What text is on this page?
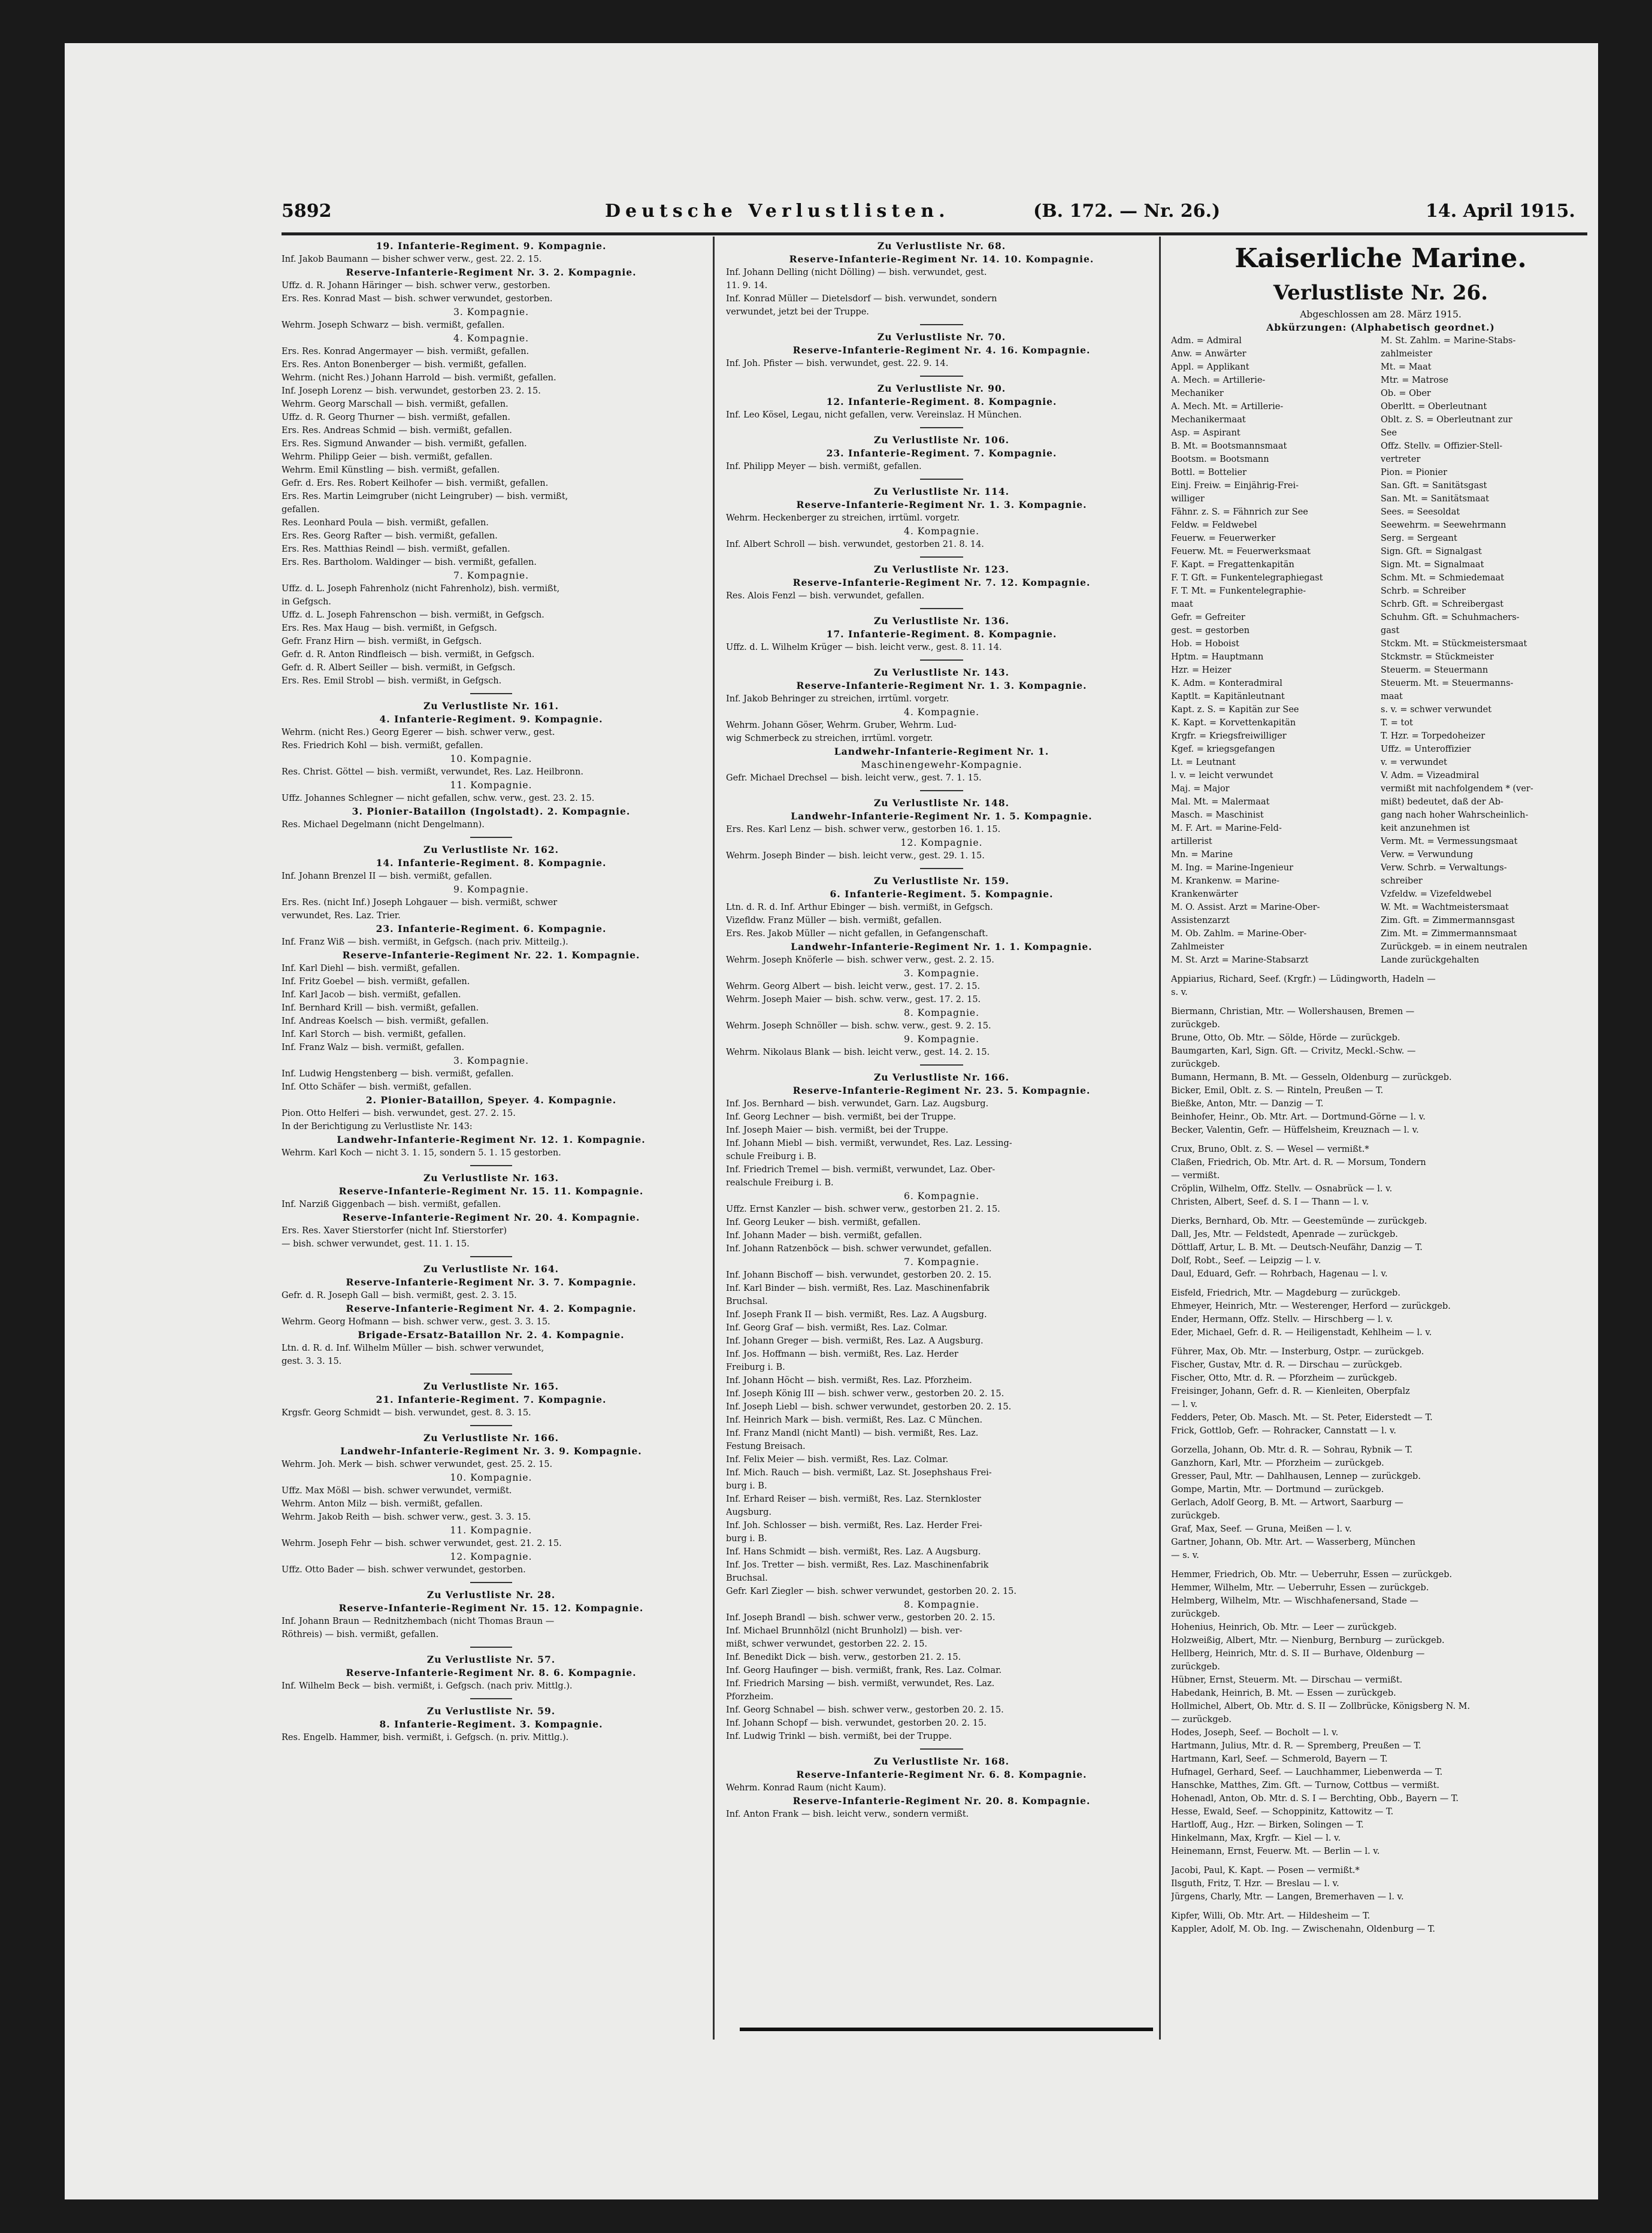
5892	Deutsche Verlustlisten.	(B. 172. — Nr. 26.)	14. April 1915.
19. Infanterie-Regiment. 9. Kompagnie.
Inf. Jakob Baumann — bisher schwer verw., gest. 22. 2. 15.
Reserve-Infanterie-Regiment Nr. 3. 2. Kompagnie.
Uffz. d. R. Johann Häringer — bish. schwer verw., gestorben.
Ers. Res. Konrad Mast — bish. schwer verwundet, gestorben.
3. Kompagnie.
Wehrm. Joseph Schwarz — bish. vermißt, gefallen.
4. Kompagnie.
Ers. Res. Konrad Angermayer — bish. vermißt, gefallen.
Ers. Res. Anton Bonenberger — bish. vermißt, gefallen.
Wehrm. (nicht Res.) Johann Harrold — bish. vermißt, gefallen.
Inf. Joseph Lorenz — bish. verwundet, gestorben 23. 2. 15.
Wehrm. Georg Marschall — bish. vermißt, gefallen.
Uffz. d. R. Georg Thurner — bish. vermißt, gefallen.
Ers. Res. Andreas Schmid — bish. vermißt, gefallen.
Ers. Res. Sigmund Anwander — bish. vermißt, gefallen.
Wehrm. Philipp Geier — bish. vermißt, gefallen.
Wehrm. Emil Künstling — bish. vermißt, gefallen.
Gefr. d. Ers. Res. Robert Keilhofer — bish. vermißt, gefallen.
Ers. Res. Martin Leimgruber (nicht Leingruber) — bish. vermißt,
gefallen.
Res. Leonhard Poula — bish. vermißt, gefallen.
Ers. Res. Georg Rafter — bish. vermißt, gefallen.
Ers. Res. Matthias Reindl — bish. vermißt, gefallen.
Ers. Res. Bartholom. Waldinger — bish. vermißt, gefallen.
7. Kompagnie.
Uffz. d. L. Joseph Fahrenholz (nicht Fahrenholz), bish. vermißt,
in Gefgsch.
Uffz. d. L. Joseph Fahrenschon — bish. vermißt, in Gefgsch.
Ers. Res. Max Haug — bish. vermißt, in Gefgsch.
Gefr. Franz Hirn — bish. vermißt, in Gefgsch.
Gefr. d. R. Anton Rindfleisch — bish. vermißt, in Gefgsch.
Gefr. d. R. Albert Seiller — bish. vermißt, in Gefgsch.
Ers. Res. Emil Strobl — bish. vermißt, in Gefgsch.
Zu Verlustliste Nr. 161.
4. Infanterie-Regiment. 9. Kompagnie.
Wehrm. (nicht Res.) Georg Egerer — bish. schwer verw., gest.
Res. Friedrich Kohl — bish. vermißt, gefallen.
10. Kompagnie.
Res. Christ. Göttel — bish. vermißt, verwundet, Res. Laz. Heilbronn.
11. Kompagnie.
Uffz. Johannes Schlegner — nicht gefallen, schw. verw., gest. 23. 2. 15.
3. Pionier-Bataillon (Ingolstadt). 2. Kompagnie.
Res. Michael Degelmann (nicht Dengelmann).
Zu Verlustliste Nr. 162.
14. Infanterie-Regiment. 8. Kompagnie.
Inf. Johann Brenzel II — bish. vermißt, gefallen.
9. Kompagnie.
Ers. Res. (nicht Inf.) Joseph Lohgauer — bish. vermißt, schwer
verwundet, Res. Laz. Trier.
23. Infanterie-Regiment. 6. Kompagnie.
Inf. Franz Wiß — bish. vermißt, in Gefgsch. (nach priv. Mitteilg.).
Reserve-Infanterie-Regiment Nr. 22. 1. Kompagnie.
Inf. Karl Diehl — bish. vermißt, gefallen.
Inf. Fritz Goebel — bish. vermißt, gefallen.
Inf. Karl Jacob — bish. vermißt, gefallen.
Inf. Bernhard Krill — bish. vermißt, gefallen.
Inf. Andreas Koelsch — bish. vermißt, gefallen.
Inf. Karl Storch — bish. vermißt, gefallen.
Inf. Franz Walz — bish. vermißt, gefallen.
3. Kompagnie.
Inf. Ludwig Hengstenberg — bish. vermißt, gefallen.
Inf. Otto Schäfer — bish. vermißt, gefallen.
2. Pionier-Bataillon, Speyer. 4. Kompagnie.
Pion. Otto Helferi — bish. verwundet, gest. 27. 2. 15.
In der Berichtigung zu Verlustliste Nr. 143:
Landwehr-Infanterie-Regiment Nr. 12. 1. Kompagnie.
Wehrm. Karl Koch — nicht 3. 1. 15, sondern 5. 1. 15 gestorben.
Zu Verlustliste Nr. 163.
Reserve-Infanterie-Regiment Nr. 15. 11. Kompagnie.
Inf. Narziß Giggenbach — bish. vermißt, gefallen.
Reserve-Infanterie-Regiment Nr. 20. 4. Kompagnie.
Ers. Res. Xaver Stierstorfer (nicht Inf. Stierstorfer)
— bish. schwer verwundet, gest. 11. 1. 15.
Zu Verlustliste Nr. 164.
Reserve-Infanterie-Regiment Nr. 3. 7. Kompagnie.
Gefr. d. R. Joseph Gall — bish. vermißt, gest. 2. 3. 15.
Reserve-Infanterie-Regiment Nr. 4. 2. Kompagnie.
Wehrm. Georg Hofmann — bish. schwer verw., gest. 3. 3. 15.
Brigade-Ersatz-Bataillon Nr. 2. 4. Kompagnie.
Ltn. d. R. d. Inf. Wilhelm Müller — bish. schwer verwundet,
gest. 3. 3. 15.
Zu Verlustliste Nr. 165.
21. Infanterie-Regiment. 7. Kompagnie.
Krgsfr. Georg Schmidt — bish. verwundet, gest. 8. 3. 15.
Zu Verlustliste Nr. 166.
Landwehr-Infanterie-Regiment Nr. 3. 9. Kompagnie.
Wehrm. Joh. Merk — bish. schwer verwundet, gest. 25. 2. 15.
10. Kompagnie.
Uffz. Max Mößl — bish. schwer verwundet, vermißt.
Wehrm. Anton Milz — bish. vermißt, gefallen.
Wehrm. Jakob Reith — bish. schwer verw., gest. 3. 3. 15.
11. Kompagnie.
Wehrm. Joseph Fehr — bish. schwer verwundet, gest. 21. 2. 15.
12. Kompagnie.
Uffz. Otto Bader — bish. schwer verwundet, gestorben.
Zu Verlustliste Nr. 28.
Reserve-Infanterie-Regiment Nr. 15. 12. Kompagnie.
Inf. Johann Braun — Rednitzhembach (nicht Thomas Braun —
Röthreis) — bish. vermißt, gefallen.
Zu Verlustliste Nr. 57.
Reserve-Infanterie-Regiment Nr. 8. 6. Kompagnie.
Inf. Wilhelm Beck — bish. vermißt, i. Gefgsch. (nach priv. Mittlg.).
Zu Verlustliste Nr. 59.
8. Infanterie-Regiment. 3. Kompagnie.
Res. Engelb. Hammer, bish. vermißt, i. Gefgsch. (n. priv. Mittlg.).
Zu Verlustliste Nr. 68.
Reserve-Infanterie-Regiment Nr. 14. 10. Kompagnie.
Inf. Johann Delling (nicht Dölling) — bish. verwundet, gest.
11. 9. 14.
Inf. Konrad Müller — Dietelsdorf — bish. verwundet, sondern
verwundet, jetzt bei der Truppe.
Zu Verlustliste Nr. 70.
Reserve-Infanterie-Regiment Nr. 4. 16. Kompagnie.
Inf. Joh. Pfister — bish. verwundet, gest. 22. 9. 14.
Zu Verlustliste Nr. 90.
12. Infanterie-Regiment. 8. Kompagnie.
Inf. Leo Kösel, Legau, nicht gefallen, verw. Vereinslaz. H München.
Zu Verlustliste Nr. 106.
23. Infanterie-Regiment. 7. Kompagnie.
Inf. Philipp Meyer — bish. vermißt, gefallen.
Zu Verlustliste Nr. 114.
Reserve-Infanterie-Regiment Nr. 1. 3. Kompagnie.
Wehrm. Heckenberger zu streichen, irrtüml. vorgetr.
4. Kompagnie.
Inf. Albert Schroll — bish. verwundet, gestorben 21. 8. 14.
Zu Verlustliste Nr. 123.
Reserve-Infanterie-Regiment Nr. 7. 12. Kompagnie.
Res. Alois Fenzl — bish. verwundet, gefallen.
Zu Verlustliste Nr. 136.
17. Infanterie-Regiment. 8. Kompagnie.
Uffz. d. L. Wilhelm Krüger — bish. leicht verw., gest. 8. 11. 14.
Zu Verlustliste Nr. 143.
Reserve-Infanterie-Regiment Nr. 1. 3. Kompagnie.
Inf. Jakob Behringer zu streichen, irrtüml. vorgetr.
4. Kompagnie.
Wehrm. Johann Göser, Wehrm. Gruber, Wehrm. Lud-
wig Schmerbeck zu streichen, irrtüml. vorgetr.
Landwehr-Infanterie-Regiment Nr. 1.
Maschinengewehr-Kompagnie.
Gefr. Michael Drechsel — bish. leicht verw., gest. 7. 1. 15.
Zu Verlustliste Nr. 148.
Landwehr-Infanterie-Regiment Nr. 1. 5. Kompagnie.
Ers. Res. Karl Lenz — bish. schwer verw., gestorben 16. 1. 15.
12. Kompagnie.
Wehrm. Joseph Binder — bish. leicht verw., gest. 29. 1. 15.
Zu Verlustliste Nr. 159.
6. Infanterie-Regiment. 5. Kompagnie.
Ltn. d. R. d. Inf. Arthur Ebinger — bish. vermißt, in Gefgsch.
Vizefldw. Franz Müller — bish. vermißt, gefallen.
Ers. Res. Jakob Müller — nicht gefallen, in Gefangenschaft.
Landwehr-Infanterie-Regiment Nr. 1. 1. Kompagnie.
Wehrm. Joseph Knöferle — bish. schwer verw., gest. 2. 2. 15.
3. Kompagnie.
Wehrm. Georg Albert — bish. leicht verw., gest. 17. 2. 15.
Wehrm. Joseph Maier — bish. schw. verw., gest. 17. 2. 15.
8. Kompagnie.
Wehrm. Joseph Schnöller — bish. schw. verw., gest. 9. 2. 15.
9. Kompagnie.
Wehrm. Nikolaus Blank — bish. leicht verw., gest. 14. 2. 15.
Zu Verlustliste Nr. 166.
Reserve-Infanterie-Regiment Nr. 23. 5. Kompagnie.
Inf. Jos. Bernhard — bish. verwundet, Garn. Laz. Augsburg.
Inf. Georg Lechner — bish. vermißt, bei der Truppe.
Inf. Joseph Maier — bish. vermißt, bei der Truppe.
Inf. Johann Miebl — bish. vermißt, verwundet, Res. Laz. Lessing-
schule Freiburg i. B.
Inf. Friedrich Tremel — bish. vermißt, verwundet, Laz. Ober-
realschule Freiburg i. B.
6. Kompagnie.
Uffz. Ernst Kanzler — bish. schwer verw., gestorben 21. 2. 15.
Inf. Georg Leuker — bish. vermißt, gefallen.
Inf. Johann Mader — bish. vermißt, gefallen.
Inf. Johann Ratzenböck — bish. schwer verwundet, gefallen.
7. Kompagnie.
Inf. Johann Bischoff — bish. verwundet, gestorben 20. 2. 15.
Inf. Karl Binder — bish. vermißt, Res. Laz. Maschinenfabrik
Bruchsal.
Inf. Joseph Frank II — bish. vermißt, Res. Laz. A Augsburg.
Inf. Georg Graf — bish. vermißt, Res. Laz. Colmar.
Inf. Johann Greger — bish. vermißt, Res. Laz. A Augsburg.
Inf. Jos. Hoffmann — bish. vermißt, Res. Laz. Herder
Freiburg i. B.
Inf. Johann Höcht — bish. vermißt, Res. Laz. Pforzheim.
Inf. Joseph König III — bish. schwer verw., gestorben 20. 2. 15.
Inf. Joseph Liebl — bish. schwer verwundet, gestorben 20. 2. 15.
Inf. Heinrich Mark — bish. vermißt, Res. Laz. C München.
Inf. Franz Mandl (nicht Mantl) — bish. vermißt, Res. Laz.
Festung Breisach.
Inf. Felix Meier — bish. vermißt, Res. Laz. Colmar.
Inf. Mich. Rauch — bish. vermißt, Laz. St. Josephshaus Frei-
burg i. B.
Inf. Erhard Reiser — bish. vermißt, Res. Laz. Sternkloster
Augsburg.
Inf. Joh. Schlosser — bish. vermißt, Res. Laz. Herder Frei-
burg i. B.
Inf. Hans Schmidt — bish. vermißt, Res. Laz. A Augsburg.
Inf. Jos. Tretter — bish. vermißt, Res. Laz. Maschinenfabrik
Bruchsal.
Gefr. Karl Ziegler — bish. schwer verwundet, gestorben 20. 2. 15.
8. Kompagnie.
Inf. Joseph Brandl — bish. schwer verw., gestorben 20. 2. 15.
Inf. Michael Brunnhölzl (nicht Brunholzl) — bish. ver-
mißt, schwer verwundet, gestorben 22. 2. 15.
Inf. Benedikt Dick — bish. verw., gestorben 21. 2. 15.
Inf. Georg Haufinger — bish. vermißt, frank, Res. Laz. Colmar.
Inf. Friedrich Marsing — bish. vermißt, verwundet, Res. Laz.
Pforzheim.
Inf. Georg Schnabel — bish. schwer verw., gestorben 20. 2. 15.
Inf. Johann Schopf — bish. verwundet, gestorben 20. 2. 15.
Inf. Ludwig Trinkl — bish. vermißt, bei der Truppe.
Zu Verlustliste Nr. 168.
Reserve-Infanterie-Regiment Nr. 6. 8. Kompagnie.
Wehrm. Konrad Raum (nicht Kaum).
Reserve-Infanterie-Regiment Nr. 20. 8. Kompagnie.
Inf. Anton Frank — bish. leicht verw., sondern vermißt.
Kaiserliche Marine.
Verlustliste Nr. 26.
Abgeschlossen am 28. März 1915.
Abkürzungen: (Alphabetisch geordnet.)
Adm. = Admiral
Anw. = Anwärter
Appl. = Applikant
A. Mech. = Artillerie-
Mechaniker
A. Mech. Mt. = Artillerie-
Mechanikermaat
Asp. = Aspirant
B. Mt. = Bootsmannsmaat
Bootsm. = Bootsmann
Bottl. = Bottelier
Einj. Freiw. = Einjährig-Frei-
williger
Fähnr. z. S. = Fähnrich zur See
Feldw. = Feldwebel
Feuerw. = Feuerwerker
Feuerw. Mt. = Feuerwerksmaat
F. Kapt. = Fregattenkapitän
F. T. Gft. = Funkentelegraphiegast
F. T. Mt. = Funkentelegraphie-
maat
Gefr. = Gefreiter
gest. = gestorben
Hob. = Hoboist
Hptm. = Hauptmann
Hzr. = Heizer
K. Adm. = Konteradmiral
Kaptlt. = Kapitänleutnant
Kapt. z. S. = Kapitän zur See
K. Kapt. = Korvettenkapitän
Krgfr. = Kriegsfreiwilliger
Kgef. = kriegsgefangen
Lt. = Leutnant
l. v. = leicht verwundet
Maj. = Major
Mal. Mt. = Malermaat
Masch. = Maschinist
M. F. Art. = Marine-Feld-
artillerist
Mn. = Marine
M. Ing. = Marine-Ingenieur
M. Krankenw. = Marine-
Krankenwärter
M. O. Assist. Arzt = Marine-Ober-
Assistenzarzt
M. Ob. Zahlm. = Marine-Ober-
Zahlmeister
M. St. Arzt = Marine-Stabsarzt
M. St. Zahlm. = Marine-Stabs-
zahlmeister
Mt. = Maat
Mtr. = Matrose
Ob. = Ober
Oberltt. = Oberleutnant
Oblt. z. S. = Oberleutnant zur
See
Offz. Stellv. = Offizier-Stell-
vertreter
Pion. = Pionier
San. Gft. = Sanitätsgast
San. Mt. = Sanitätsmaat
Sees. = Seesoldat
Seewehrm. = Seewehrmann
Serg. = Sergeant
Sign. Gft. = Signalgast
Sign. Mt. = Signalmaat
Schm. Mt. = Schmiedemaat
Schrb. = Schreiber
Schrb. Gft. = Schreibergast
Schuhm. Gft. = Schuhmachers-
gast
Stckm. Mt. = Stückmeistersmaat
Stckmstr. = Stückmeister
Steuerm. = Steuermann
Steuerm. Mt. = Steuermanns-
maat
s. v. = schwer verwundet
T. = tot
T. Hzr. = Torpedoheizer
Uffz. = Unteroffizier
v. = verwundet
V. Adm. = Vizeadmiral
vermißt mit nachfolgendem * (ver-
mißt) bedeutet, daß der Ab-
gang nach hoher Wahrscheinlich-
keit anzunehmen ist
Verm. Mt. = Vermessungsmaat
Verw. = Verwundung
Verw. Schrb. = Verwaltungs-
schreiber
Vzfeldw. = Vizefeldwebel
W. Mt. = Wachtmeistersmaat
Zim. Gft. = Zimmermannsgast
Zim. Mt. = Zimmermannsmaat
Zurückgeb. = in einem neutralen
Lande zurückgehalten
Appiarius, Richard, Seef. (Krgfr.) — Lüdingworth, Hadeln —
s. v.
Biermann, Christian, Mtr. — Wollershausen, Bremen —
zurückgeb.
Brune, Otto, Ob. Mtr. — Sölde, Hörde — zurückgeb.
Baumgarten, Karl, Sign. Gft. — Crivitz, Meckl.-Schw. —
zurückgeb.
Bumann, Hermann, B. Mt. — Gesseln, Oldenburg — zurückgeb.
Bicker, Emil, Oblt. z. S. — Rinteln, Preußen — T.
Bießke, Anton, Mtr. — Danzig — T.
Beinhofer, Heinr., Ob. Mtr. Art. — Dortmund-Görne — l. v.
Becker, Valentin, Gefr. — Hüffelsheim, Kreuznach — l. v.
Crux, Bruno, Oblt. z. S. — Wesel — vermißt.*
Claßen, Friedrich, Ob. Mtr. Art. d. R. — Morsum, Tondern
— vermißt.
Cröplin, Wilhelm, Offz. Stellv. — Osnabrück — l. v.
Christen, Albert, Seef. d. S. I — Thann — l. v.
Dierks, Bernhard, Ob. Mtr. — Geestemünde — zurückgeb.
Dall, Jes, Mtr. — Feldstedt, Apenrade — zurückgeb.
Döttlaff, Artur, L. B. Mt. — Deutsch-Neufähr, Danzig — T.
Dolf, Robt., Seef. — Leipzig — l. v.
Daul, Eduard, Gefr. — Rohrbach, Hagenau — l. v.
Eisfeld, Friedrich, Mtr. — Magdeburg — zurückgeb.
Ehmeyer, Heinrich, Mtr. — Westerenger, Herford — zurückgeb.
Ender, Hermann, Offz. Stellv. — Hirschberg — l. v.
Eder, Michael, Gefr. d. R. — Heiligenstadt, Kehlheim — l. v.
Führer, Max, Ob. Mtr. — Insterburg, Ostpr. — zurückgeb.
Fischer, Gustav, Mtr. d. R. — Dirschau — zurückgeb.
Fischer, Otto, Mtr. d. R. — Pforzheim — zurückgeb.
Freisinger, Johann, Gefr. d. R. — Kienleiten, Oberpfalz
— l. v.
Fedders, Peter, Ob. Masch. Mt. — St. Peter, Eiderstedt — T.
Frick, Gottlob, Gefr. — Rohracker, Cannstatt — l. v.
Gorzella, Johann, Ob. Mtr. d. R. — Sohrau, Rybnik — T.
Ganzhorn, Karl, Mtr. — Pforzheim — zurückgeb.
Gresser, Paul, Mtr. — Dahlhausen, Lennep — zurückgeb.
Gompe, Martin, Mtr. — Dortmund — zurückgeb.
Gerlach, Adolf Georg, B. Mt. — Artwort, Saarburg —
zurückgeb.
Graf, Max, Seef. — Gruna, Meißen — l. v.
Gartner, Johann, Ob. Mtr. Art. — Wasserberg, München
— s. v.
Hemmer, Friedrich, Ob. Mtr. — Ueberruhr, Essen — zurückgeb.
Hemmer, Wilhelm, Mtr. — Ueberruhr, Essen — zurückgeb.
Helmberg, Wilhelm, Mtr. — Wischhafenersand, Stade —
zurückgeb.
Hohenius, Heinrich, Ob. Mtr. — Leer — zurückgeb.
Holzweißig, Albert, Mtr. — Nienburg, Bernburg — zurückgeb.
Hellberg, Heinrich, Mtr. d. S. II — Burhave, Oldenburg —
zurückgeb.
Hübner, Ernst, Steuerm. Mt. — Dirschau — vermißt.
Habedank, Heinrich, B. Mt. — Essen — zurückgeb.
Hollmichel, Albert, Ob. Mtr. d. S. II — Zollbrücke, Königsberg N. M.
— zurückgeb.
Hodes, Joseph, Seef. — Bocholt — l. v.
Hartmann, Julius, Mtr. d. R. — Spremberg, Preußen — T.
Hartmann, Karl, Seef. — Schmerold, Bayern — T.
Hufnagel, Gerhard, Seef. — Lauchhammer, Liebenwerda — T.
Hanschke, Matthes, Zim. Gft. — Turnow, Cottbus — vermißt.
Hohenadl, Anton, Ob. Mtr. d. S. I — Berchting, Obb., Bayern — T.
Hesse, Ewald, Seef. — Schoppinitz, Kattowitz — T.
Hartloff, Aug., Hzr. — Birken, Solingen — T.
Hinkelmann, Max, Krgfr. — Kiel — l. v.
Heinemann, Ernst, Feuerw. Mt. — Berlin — l. v.
Jacobi, Paul, K. Kapt. — Posen — vermißt.*
Ilsguth, Fritz, T. Hzr. — Breslau — l. v.
Jürgens, Charly, Mtr. — Langen, Bremerhaven — l. v.
Kipfer, Willi, Ob. Mtr. Art. — Hildesheim — T.
Kappler, Adolf, M. Ob. Ing. — Zwischenahn, Oldenburg — T.
